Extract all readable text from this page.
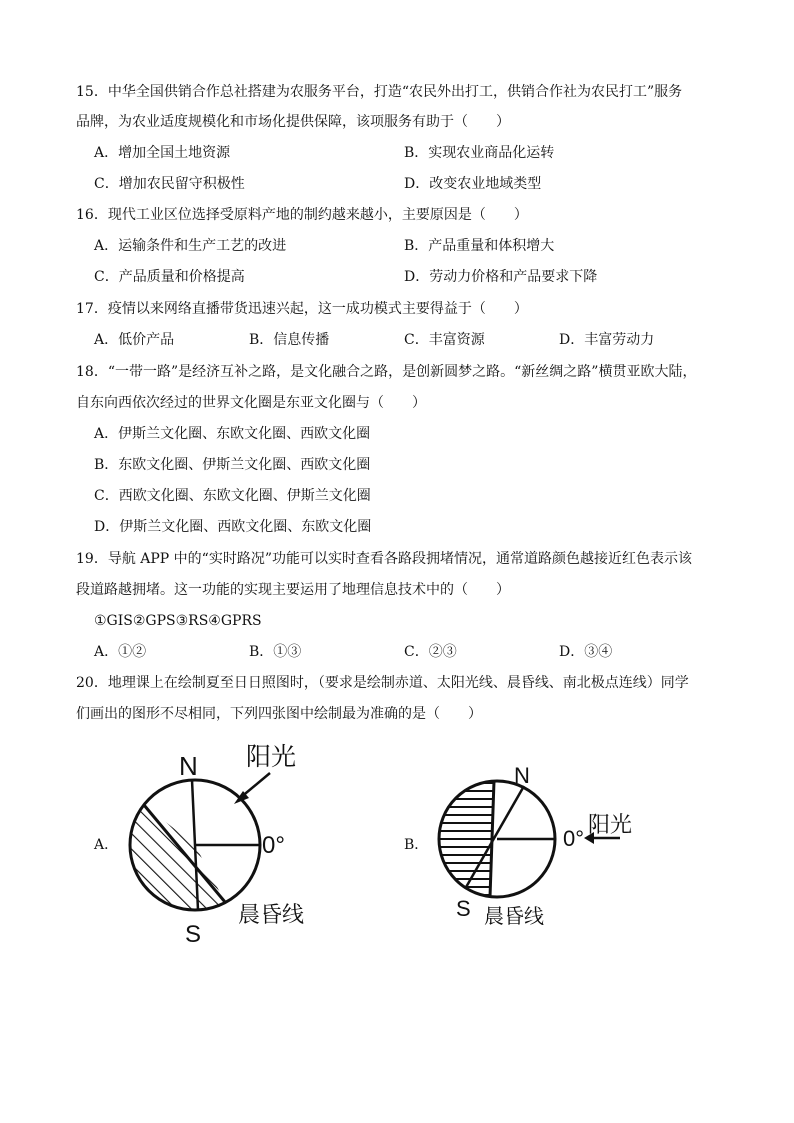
15．中华全国供销合作总社搭建为农服务平台，打造“农民外出打工，供销合作社为农民打工”服务
品牌，为农业适度规模化和市场化提供保障，该项服务有助于（　　）
A．增加全国土地资源	B．实现农业商品化运转
C．增加农民留守积极性	D．改变农业地域类型
16．现代工业区位选择受原料产地的制约越来越小，主要原因是（　　）
A．运输条件和生产工艺的改进	B．产品重量和体积增大
C．产品质量和价格提高	D．劳动力价格和产品要求下降
17．疫情以来网络直播带货迅速兴起，这一成功模式主要得益于（　　）
A．低价产品	B．信息传播	C．丰富资源	D．丰富劳动力
18．“一带一路”是经济互补之路，是文化融合之路，是创新圆梦之路。“新丝绸之路”横贯亚欧大陆，
自东向西依次经过的世界文化圈是东亚文化圈与（　　）
A．伊斯兰文化圈、东欧文化圈、西欧文化圈
B．东欧文化圈、伊斯兰文化圈、西欧文化圈
C．西欧文化圈、东欧文化圈、伊斯兰文化圈
D．伊斯兰文化圈、西欧文化圈、东欧文化圈
19．导航 APP 中的“实时路况”功能可以实时查看各路段拥堵情况，通常道路颜色越接近红色表示该
段道路越拥堵。这一功能的实现主要运用了地理信息技术中的（　　）
①GIS②GPS③RS④GPRS
A．①②	B．①③	C．②③	D．③④
20．地理课上在绘制夏至日日照图时，（要求是绘制赤道、太阳光线、晨昏线、南北极点连线）同学
们画出的图形不尽相同，下列四张图中绘制最为准确的是（　　）
A．
N
S
阳光
0°
晨昏线
B．
N
S
阳光
0°
晨昏线
